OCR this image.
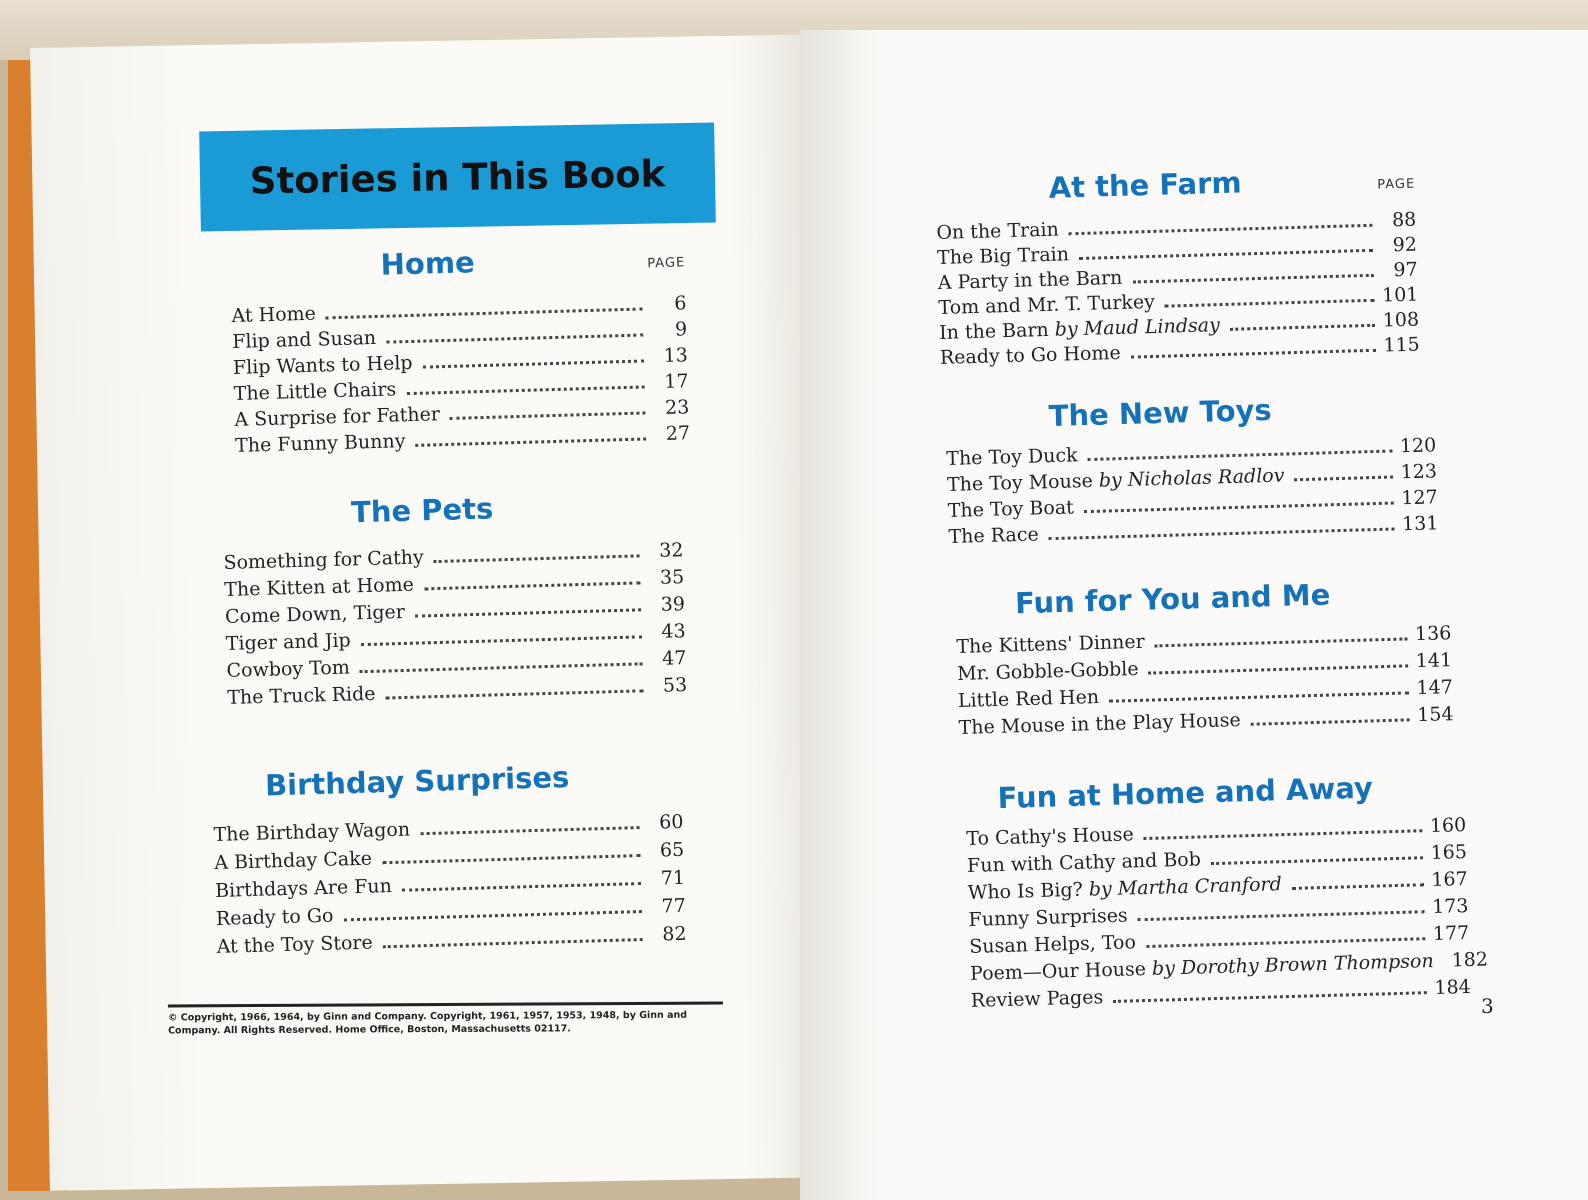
Stories in This Book
© Copyright, 1966, 1964, by Ginn and Company. Copyright, 1961, 1957, 1953, 1948, by Ginn and Company. All Rights Reserved. Home Office, Boston, Massachusetts 02117.
3
Home	PAGE
At Home	6
Flip and Susan	9
Flip Wants to Help	13
The Little Chairs	17
A Surprise for Father	23
The Funny Bunny	27
The Pets
Something for Cathy	32
The Kitten at Home	35
Come Down, Tiger	39
Tiger and Jip	43
Cowboy Tom	47
The Truck Ride	53
Birthday Surprises
The Birthday Wagon	60
A Birthday Cake	65
Birthdays Are Fun	71
Ready to Go	77
At the Toy Store	82
At the Farm	PAGE
On the Train	88
The Big Train	92
A Party in the Barn	97
Tom and Mr. T. Turkey	101
In the Barn by Maud Lindsay	108
Ready to Go Home	115
The New Toys
The Toy Duck	120
The Toy Mouse by Nicholas Radlov	123
The Toy Boat	127
The Race	131
Fun for You and Me
The Kittens' Dinner	136
Mr. Gobble-Gobble	141
Little Red Hen	147
The Mouse in the Play House	154
Fun at Home and Away
To Cathy's House	160
Fun with Cathy and Bob	165
Who Is Big? by Martha Cranford	167
Funny Surprises	173
Susan Helps, Too	177
Poem—Our House by Dorothy Brown Thompson 182
Review Pages	184
